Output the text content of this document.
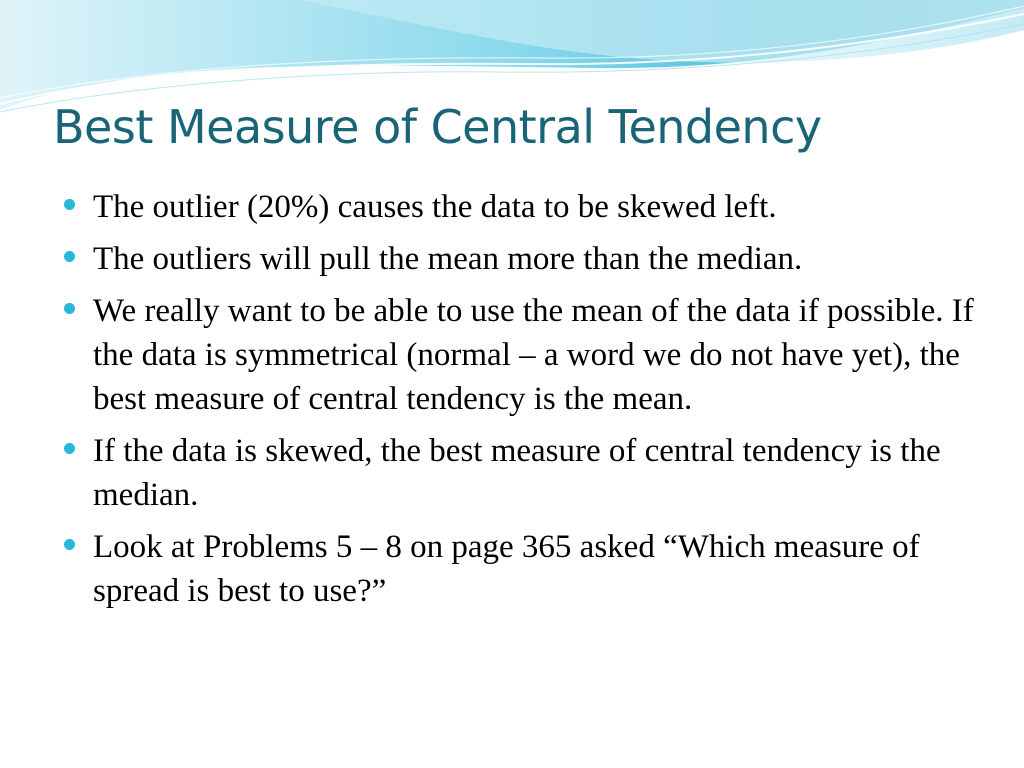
Best Measure of Central Tendency
The outlier (20%) causes the data to be skewed left.
The outliers will pull the mean more than the median.
We really want to be able to use the mean of the data if possible. If the data is symmetrical (normal – a word we do not have yet), the best measure of central tendency is the mean.
If the data is skewed, the best measure of central tendency is the median.
Look at Problems 5 – 8 on page 365 asked “Which measure of spread is best to use?”
